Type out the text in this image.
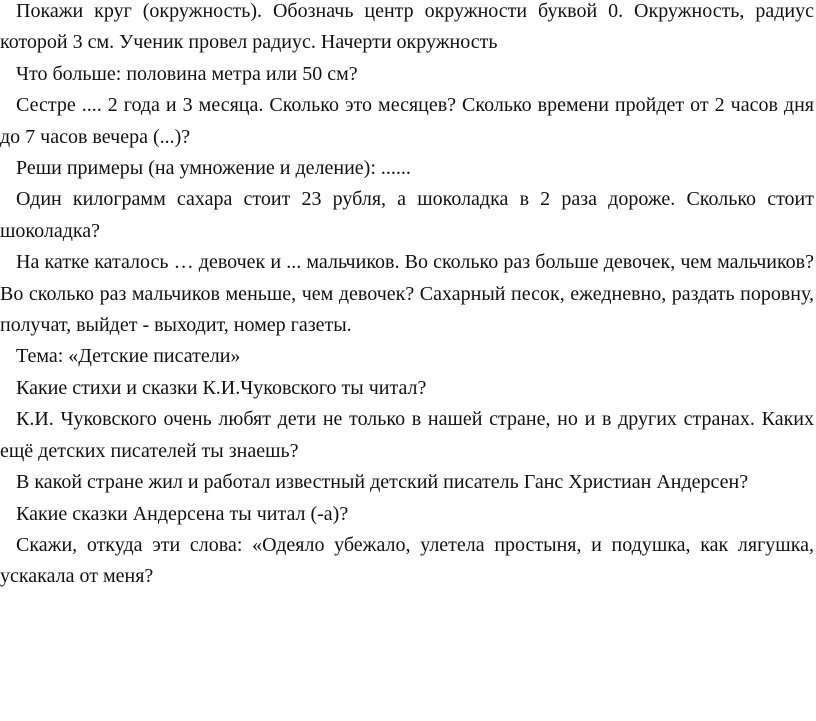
Покажи круг (окружность). Обозначь центр окружности буквой 0. Окружность, радиус которой 3 см. Ученик провел радиус. Начерти окружность

Что больше: половина метра или 50 см?

Сестре .... 2 года и 3 месяца. Сколько это месяцев? Сколько времени пройдет от 2 часов дня до 7 часов вечера (...)?

Реши примеры (на умножение и деление): ......

Один килограмм сахара стоит 23 рубля, а шоколадка в 2 раза дороже. Сколько стоит шоколадка?

На катке каталось … девочек и ... мальчиков. Во сколько раз больше девочек, чем мальчиков? Во сколько раз мальчиков меньше, чем девочек? Сахарный песок, ежедневно, раздать поровну, получат, выйдет - выходит, номер газеты.

Тема: «Детские писатели»

Какие стихи и сказки К.И.Чуковского ты читал?

К.И. Чуковского очень любят дети не только в нашей стране, но и в других странах. Каких ещё детских писателей ты знаешь?

В какой стране жил и работал известный детский писатель Ганс Христиан Андерсен?

Какие сказки Андерсена ты читал (-а)?

Скажи, откуда эти слова: «Одеяло убежало, улетела простыня, и подушка, как лягушка, ускакала от меня?
